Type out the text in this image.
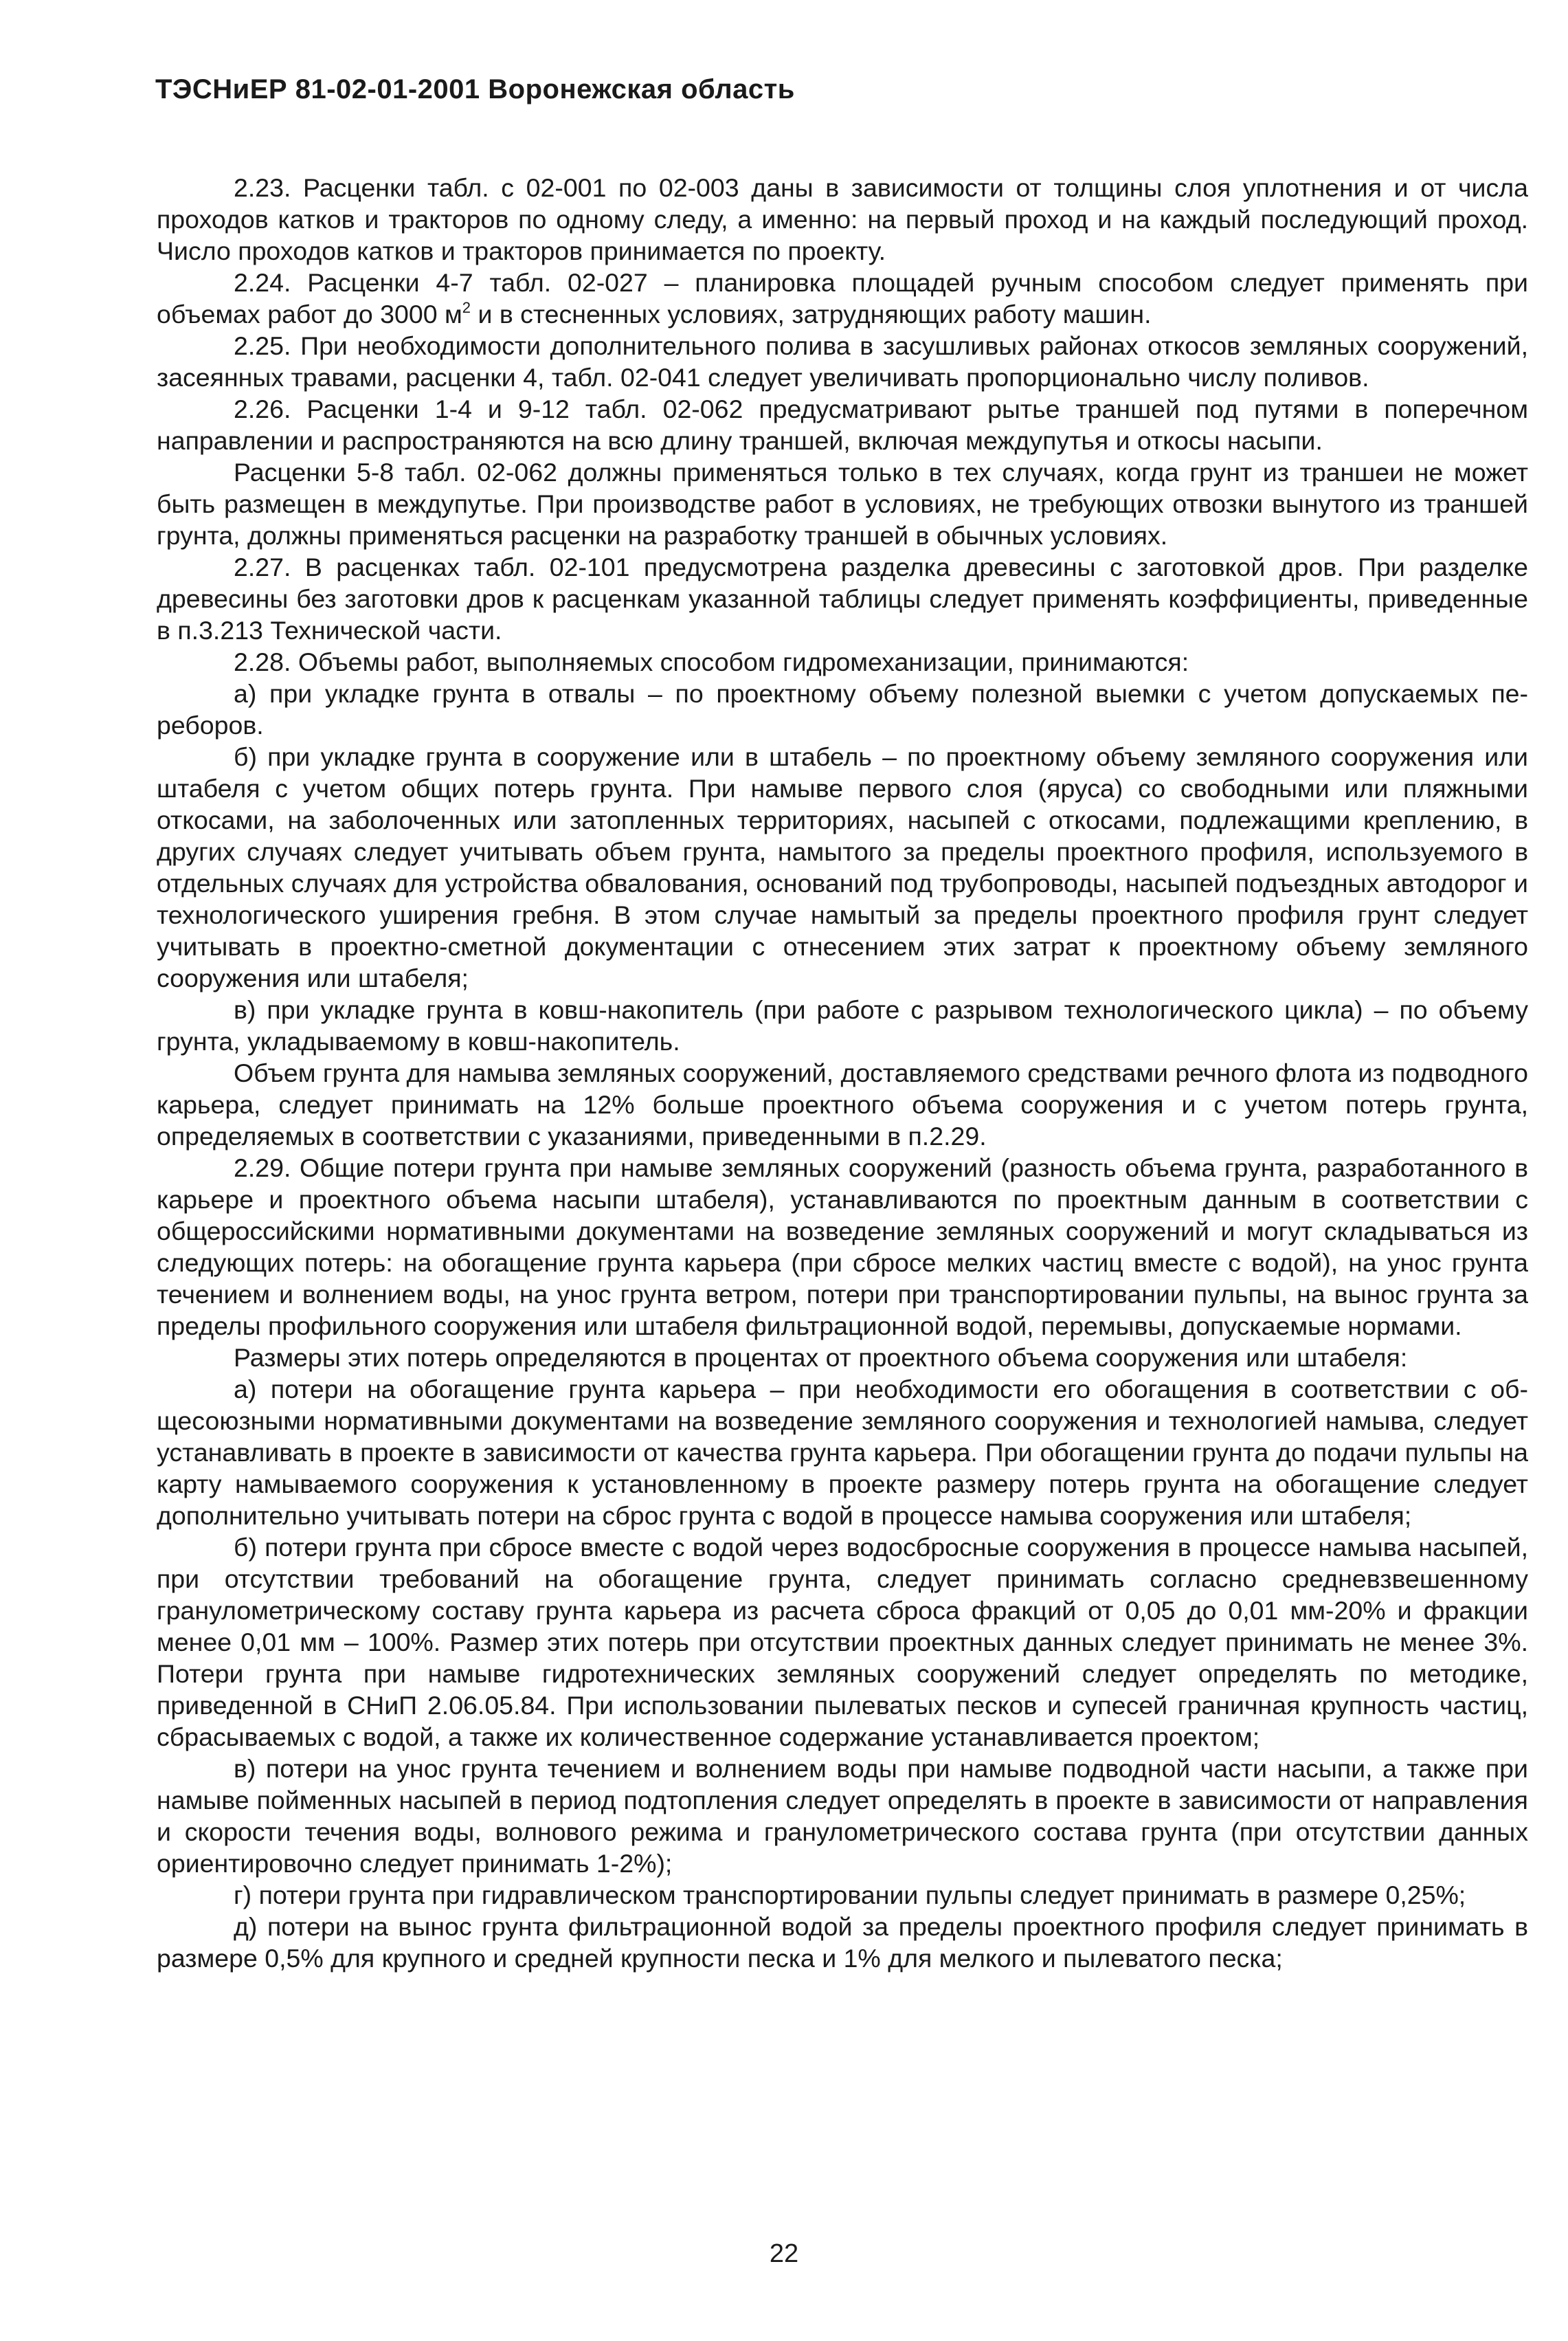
ТЭСНиЕР 81-02-01-2001 Воронежская область

2.23. Расценки табл. с 02-001 по 02-003 даны в зависимости от толщины слоя уплотнения и от числа проходов катков и тракторов по одному следу, а именно: на первый проход и на каждый последующий проход. Число проходов катков и тракторов принимается по проекту.

2.24. Расценки 4-7 табл. 02-027 – планировка площадей ручным способом следует применять при объемах работ до 3000 $м^2$ и в стесненных условиях, затрудняющих работу машин.

2.25. При необходимости дополнительного полива в засушливых районах откосов земляных сооружений, засеянных травами, расценки 4, табл. 02-041 следует увеличивать пропорционально числу поливов.

2.26. Расценки 1-4 и 9-12 табл. 02-062 предусматривают рытье траншей под путями в поперечном направлении и распространяются на всю длину траншей, включая междупутья и откосы насыпи.

Расценки 5-8 табл. 02-062 должны применяться только в тех случаях, когда грунт из траншеи не может быть размещен в междупутье. При производстве работ в условиях, не требующих отвозки вынутого из траншей грунта, должны применяться расценки на разработку траншей в обычных условиях.

2.27. В расценках табл. 02-101 предусмотрена разделка древесины с заготовкой дров. При разделке древесины без заготовки дров к расценкам указанной таблицы следует применять коэффициенты, приведенные в п.3.213 Технической части.

2.28. Объемы работ, выполняемых способом гидромеханизации, принимаются:

а) при укладке грунта в отвалы – по проектному объему полезной выемки с учетом допускаемых переборов.

б) при укладке грунта в сооружение или в штабель – по проектному объему земляного сооружения или штабеля с учетом общих потерь грунта. При намыве первого слоя (яруса) со свободными или пляжными откосами, на заболоченных или затопленных территориях, насыпей с откосами, подлежащими креплению, в других случаях следует учитывать объем грунта, намытого за пределы проектного профиля, используемого в отдельных случаях для устройства обвалования, оснований под трубопроводы, насыпей подъездных автодорог и технологического уширения гребня. В этом случае намытый за пределы проектного профиля грунт следует учитывать в проектно-сметной документации с отнесением этих затрат к проектному объему земляного сооружения или штабеля;

в) при укладке грунта в ковш-накопитель (при работе с разрывом технологического цикла) – по объему грунта, укладываемому в ковш-накопитель.

Объем грунта для намыва земляных сооружений, доставляемого средствами речного флота из подводного карьера, следует принимать на 12% больше проектного объема сооружения и с учетом потерь грунта, определяемых в соответствии с указаниями, приведенными в п.2.29.

2.29. Общие потери грунта при намыве земляных сооружений (разность объема грунта, разработанного в карьере и проектного объема насыпи штабеля), устанавливаются по проектным данным в соответствии с общероссийскими нормативными документами на возведение земляных сооружений и могут складываться из следующих потерь: на обогащение грунта карьера (при сбросе мелких частиц вместе с водой), на унос грунта течением и волнением воды, на унос грунта ветром, потери при транспортировании пульпы, на вынос грунта за пределы профильного сооружения или штабеля фильтрационной водой, перемывы, допускаемые нормами.

Размеры этих потерь определяются в процентах от проектного объема сооружения или штабеля:

а) потери на обогащение грунта карьера – при необходимости его обогащения в соответствии с общесоюзными нормативными документами на возведение земляного сооружения и технологией намыва, следует устанавливать в проекте в зависимости от качества грунта карьера. При обогащении грунта до подачи пульпы на карту намываемого сооружения к установленному в проекте размеру потерь грунта на обогащение следует дополнительно учитывать потери на сброс грунта с водой в процессе намыва сооружения или штабеля;

б) потери грунта при сбросе вместе с водой через водосбросные сооружения в процессе намыва насыпей, при отсутствии требований на обогащение грунта, следует принимать согласно средневзвешенному гранулометрическому составу грунта карьера из расчета сброса фракций от 0,05 до 0,01 мм-20% и фракции менее 0,01 мм – 100%. Размер этих потерь при отсутствии проектных данных следует принимать не менее 3%. Потери грунта при намыве гидротехнических земляных сооружений следует определять по методике, приведенной в СНиП 2.06.05.84. При использовании пылеватых песков и супесей граничная крупность частиц, сбрасываемых с водой, а также их количественное содержание устанавливается проектом;

в) потери на унос грунта течением и волнением воды при намыве подводной части насыпи, а также при намыве пойменных насыпей в период подтопления следует определять в проекте в зависимости от направления и скорости течения воды, волнового режима и гранулометрического состава грунта (при отсутствии данных ориентировочно следует принимать 1-2%);

г) потери грунта при гидравлическом транспортировании пульпы следует принимать в размере 0,25%;

д) потери на вынос грунта фильтрационной водой за пределы проектного профиля следует принимать в размере 0,5% для крупного и средней крупности песка и 1% для мелкого и пылеватого песка;

22
